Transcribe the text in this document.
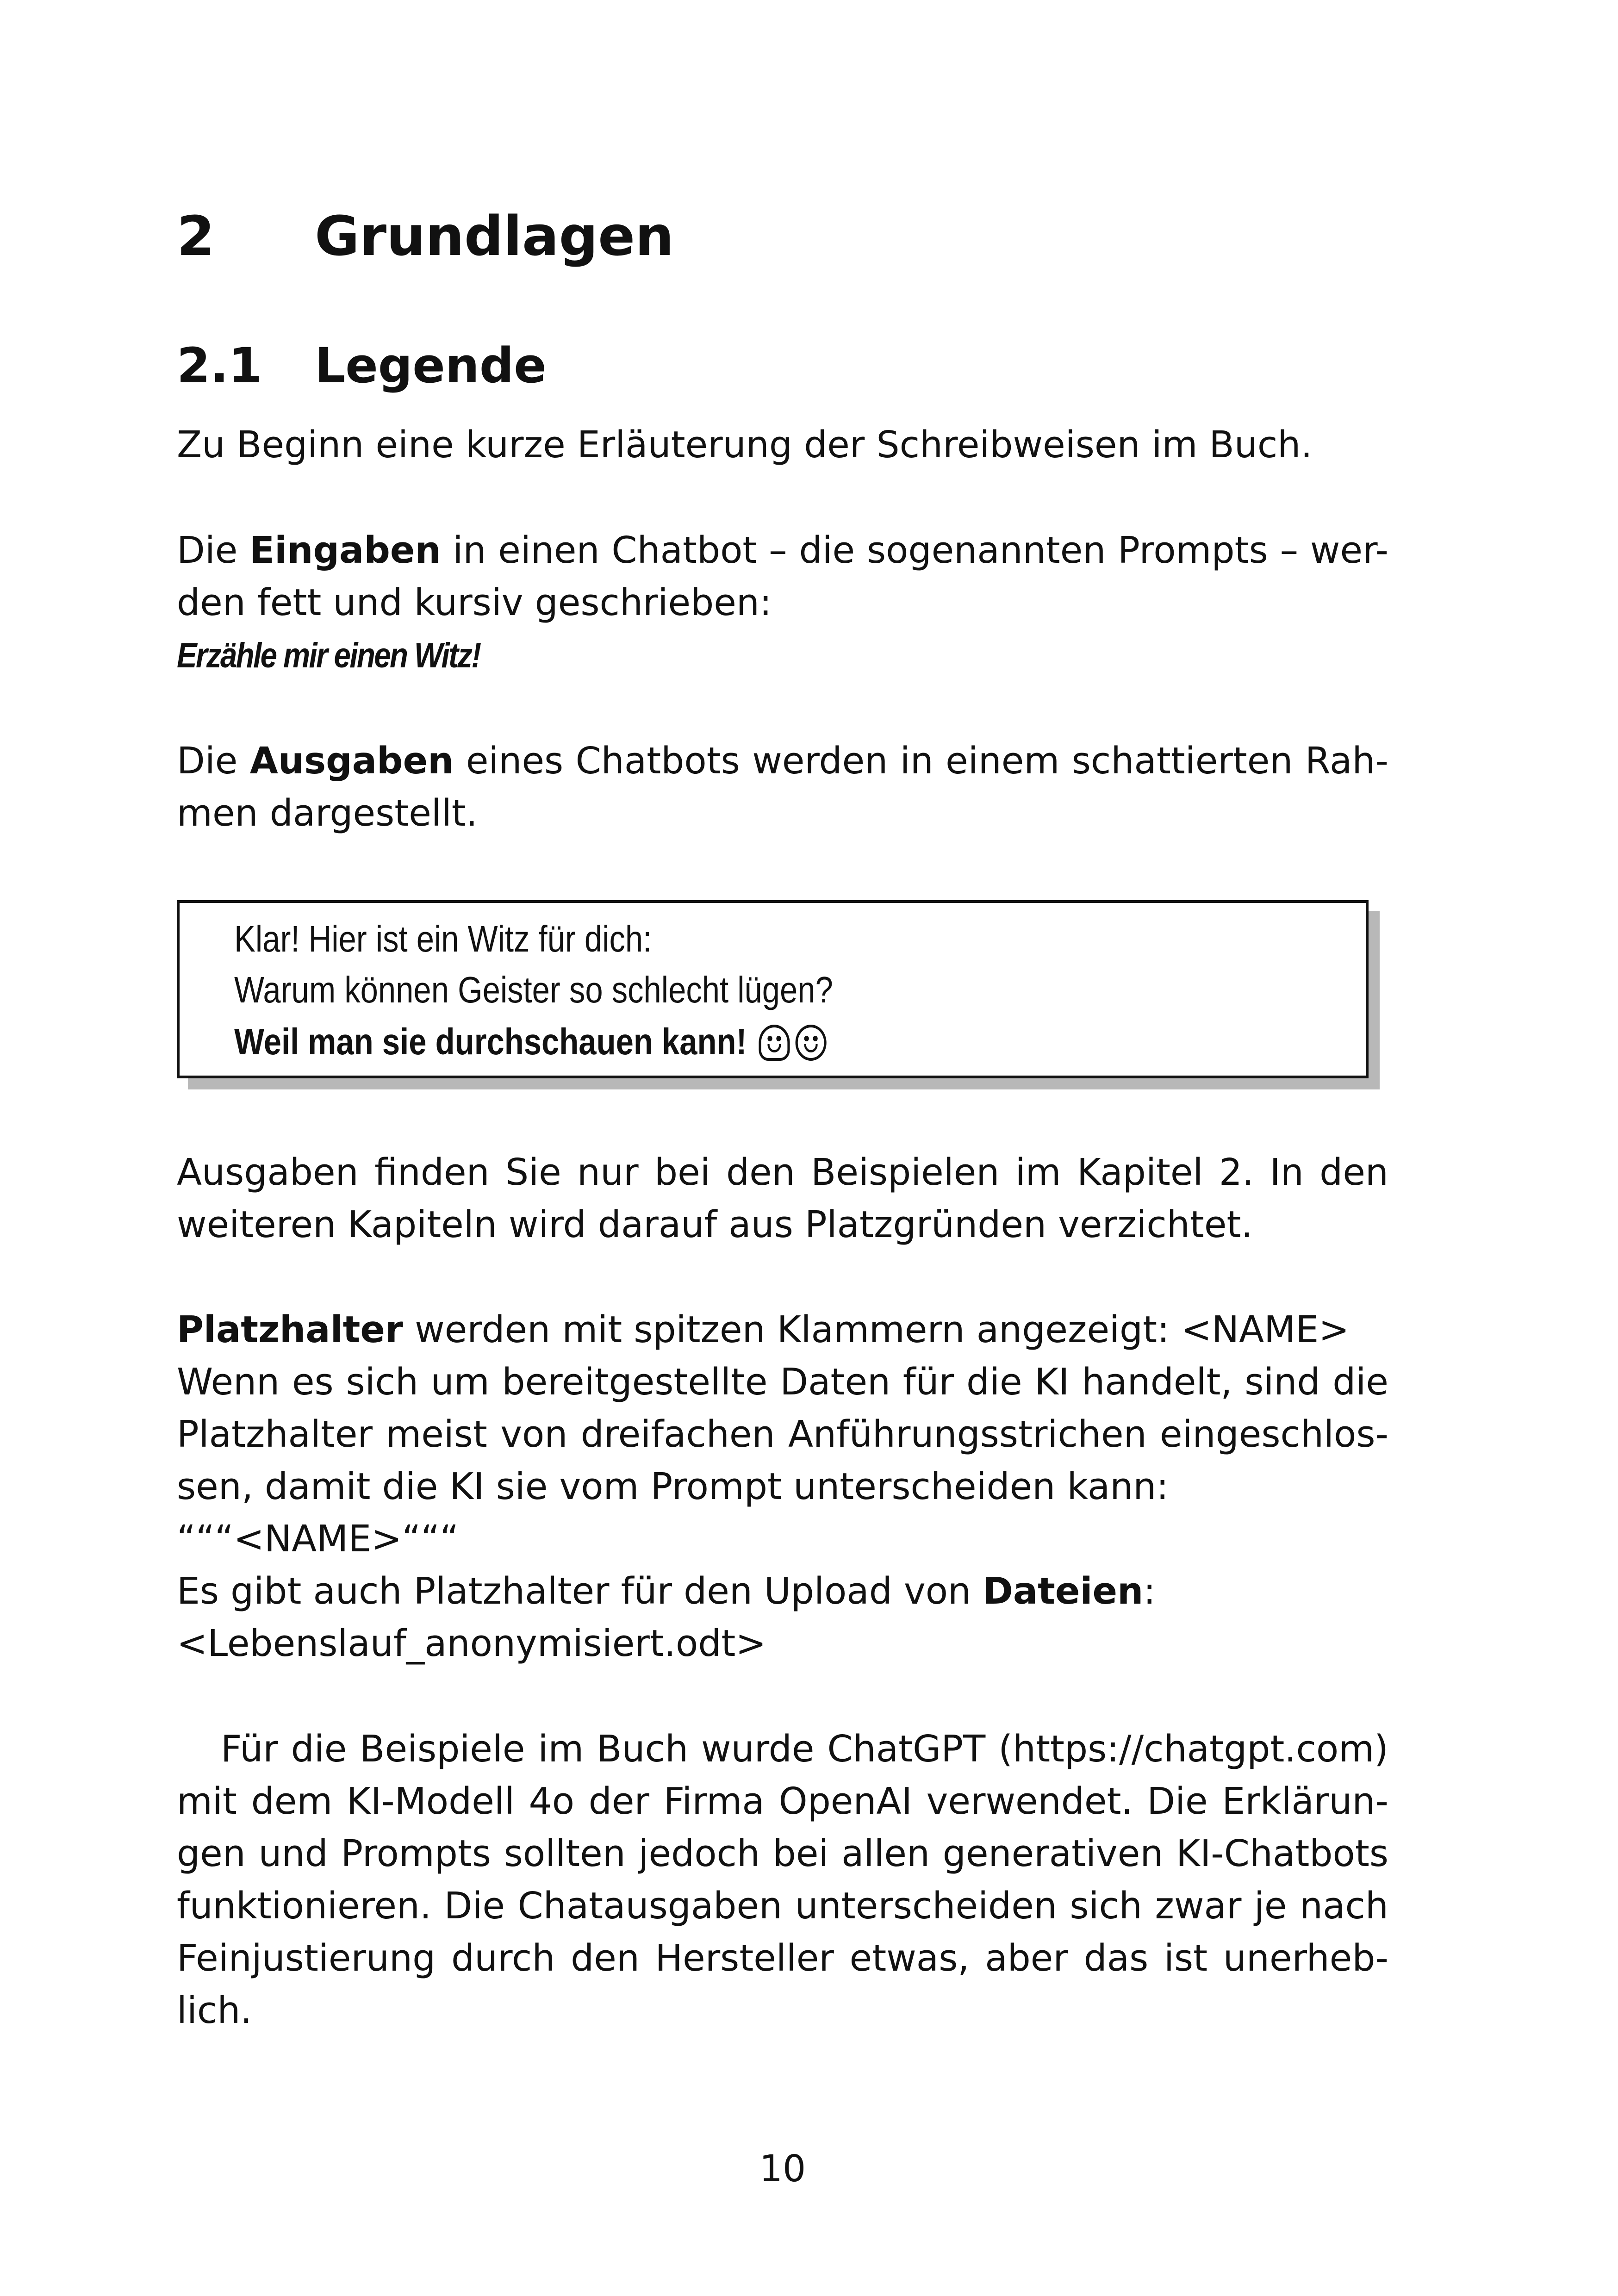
2 Grundlagen
2.1 Legende

Zu Beginn eine kurze Erläuterung der Schreibweisen im Buch.

Die Eingaben in einen Chatbot – die sogenannten Prompts – wer-den fett und kursiv geschrieben:
Erzähle mir einen Witz!

Die Ausgaben eines Chatbots werden in einem schattierten Rah-men dargestellt.

Klar! Hier ist ein Witz für dich:
Warum können Geister so schlecht lügen?
Weil man sie durchschauen kann!

Ausgaben finden Sie nur bei den Beispielen im Kapitel 2. In den weiteren Kapiteln wird darauf aus Platzgründen verzichtet.

Platzhalter werden mit spitzen Klammern angezeigt: <NAME>

Wenn es sich um bereitgestellte Daten für die KI handelt, sind die Platzhalter meist von dreifachen Anführungsstrichen eingeschlos-sen, damit die KI sie vom Prompt unterscheiden kann:
“““<NAME>“““
Es gibt auch Platzhalter für den Upload von Dateien:
<Lebenslauf_anonymisiert.odt>

Für die Beispiele im Buch wurde ChatGPT (https://chatgpt.com) mit dem KI-Modell 4o der Firma OpenAI verwendet. Die Erklärun-gen und Prompts sollten jedoch bei allen generativen KI-Chatbots funktionieren. Die Chatausgaben unterscheiden sich zwar je nach Feinjustierung durch den Hersteller etwas, aber das ist unerheb-lich.

10
